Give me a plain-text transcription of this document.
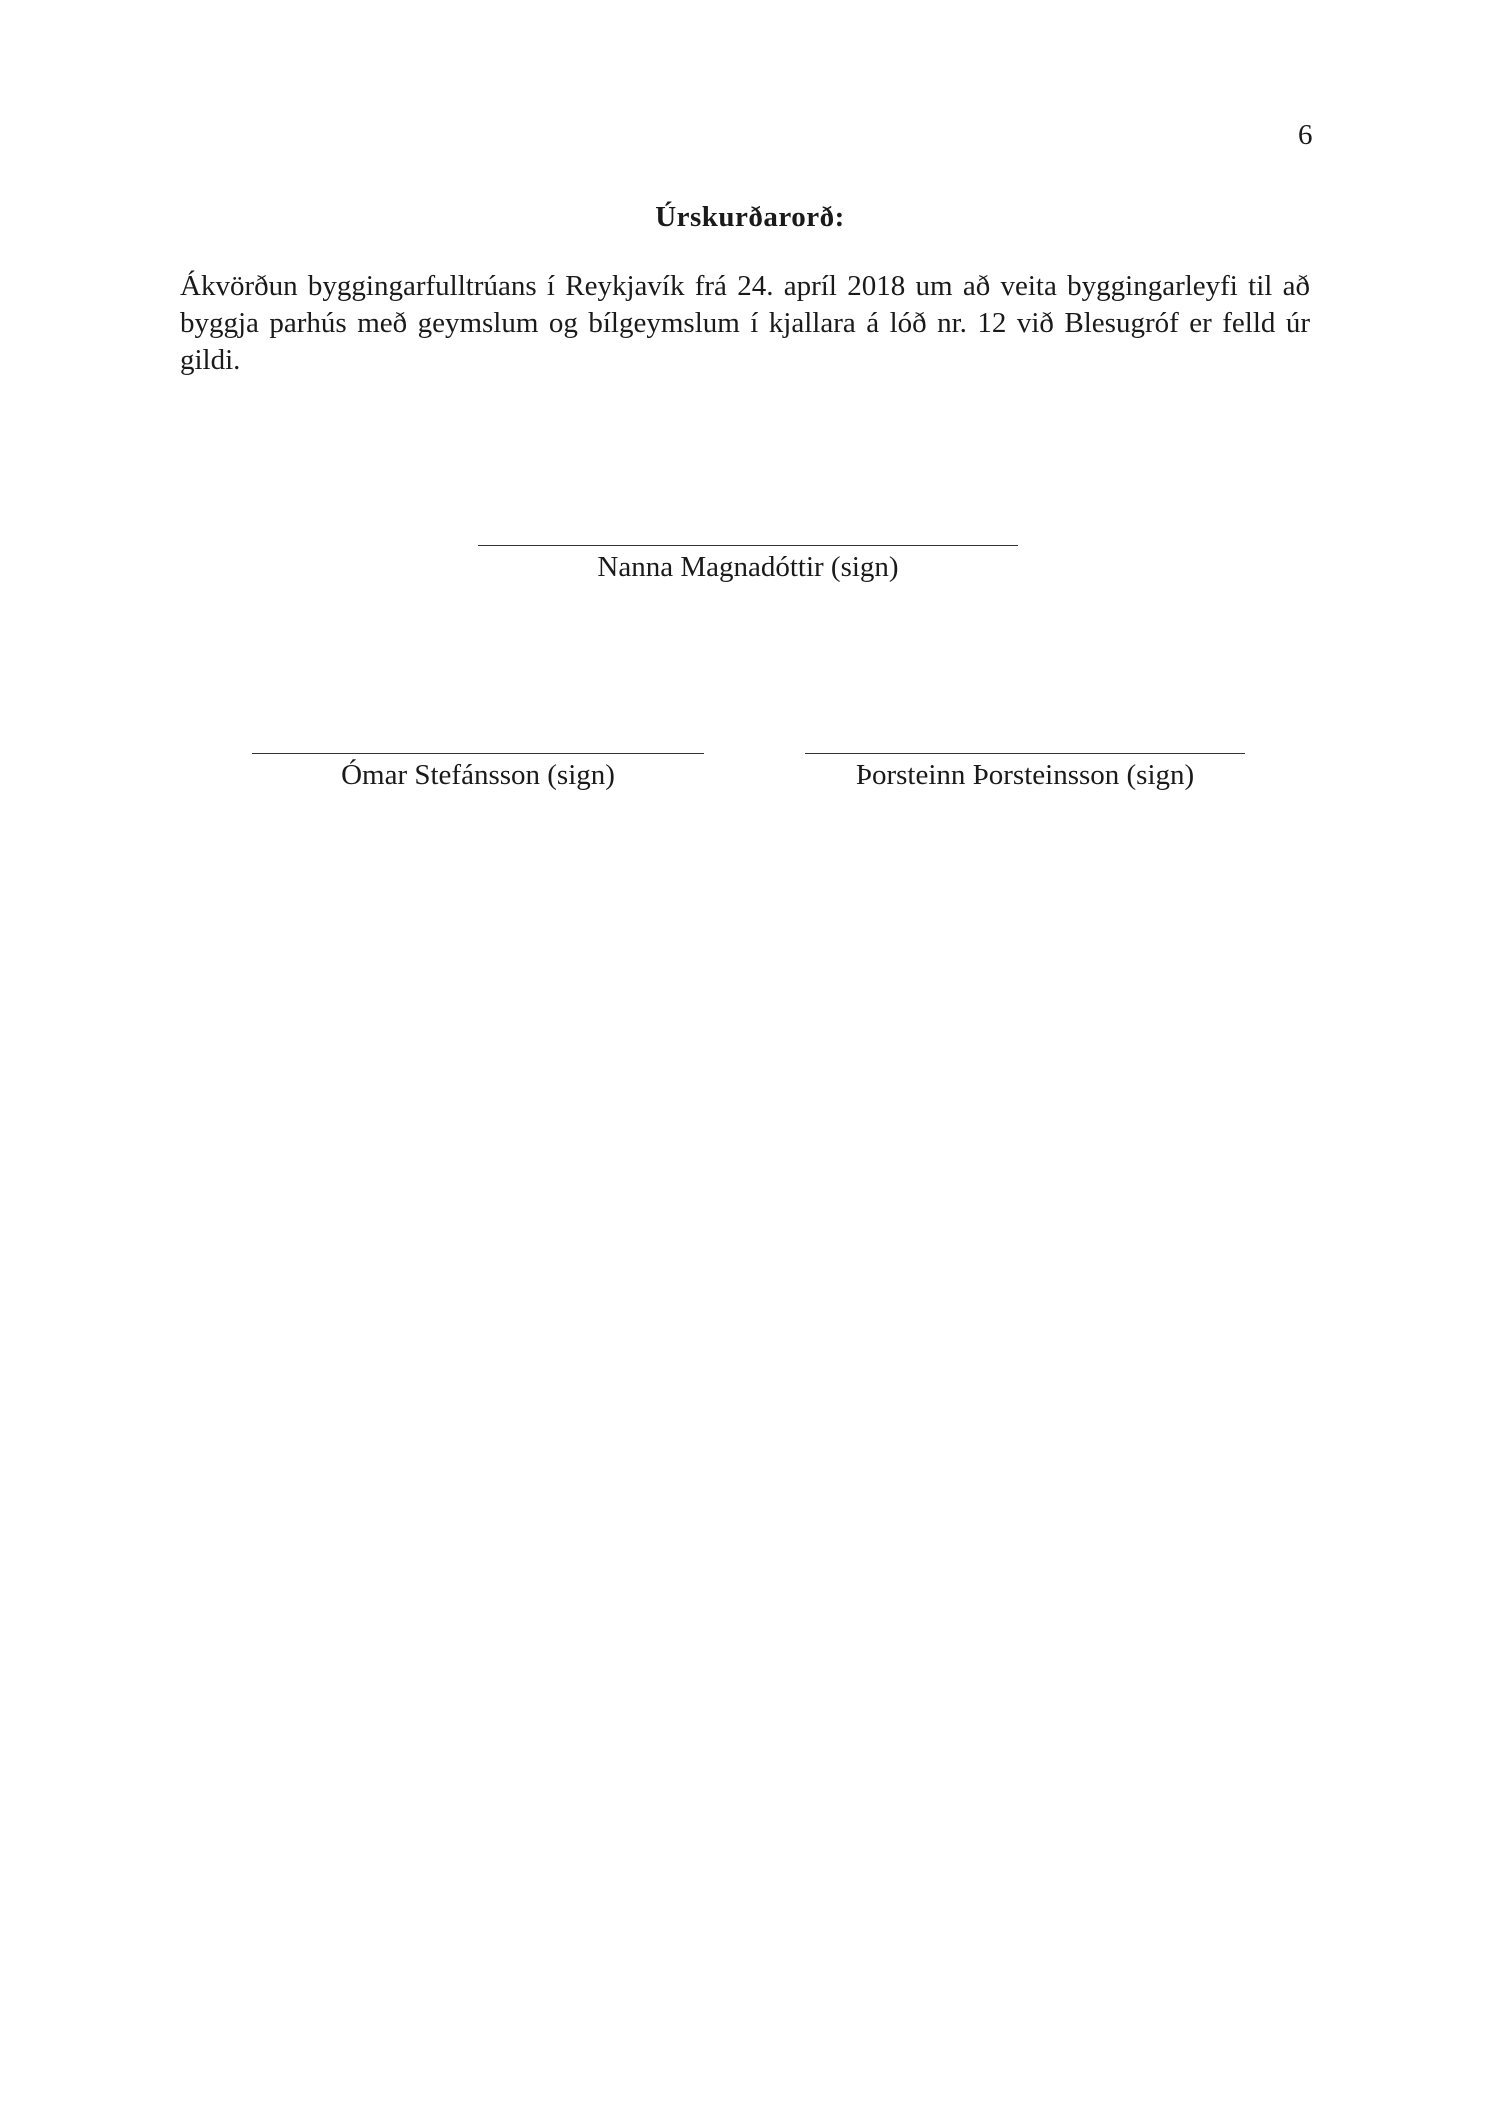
6
Úrskurðarorð:
Ákvörðun byggingarfulltrúans í Reykjavík frá 24. apríl 2018 um að veita byggingarleyfi til að byggja parhús með geymslum og bílgeymslum í kjallara á lóð nr. 12 við Blesugróf er felld úr gildi.
Nanna Magnadóttir (sign)
Ómar Stefánsson (sign)	Þorsteinn Þorsteinsson (sign)
